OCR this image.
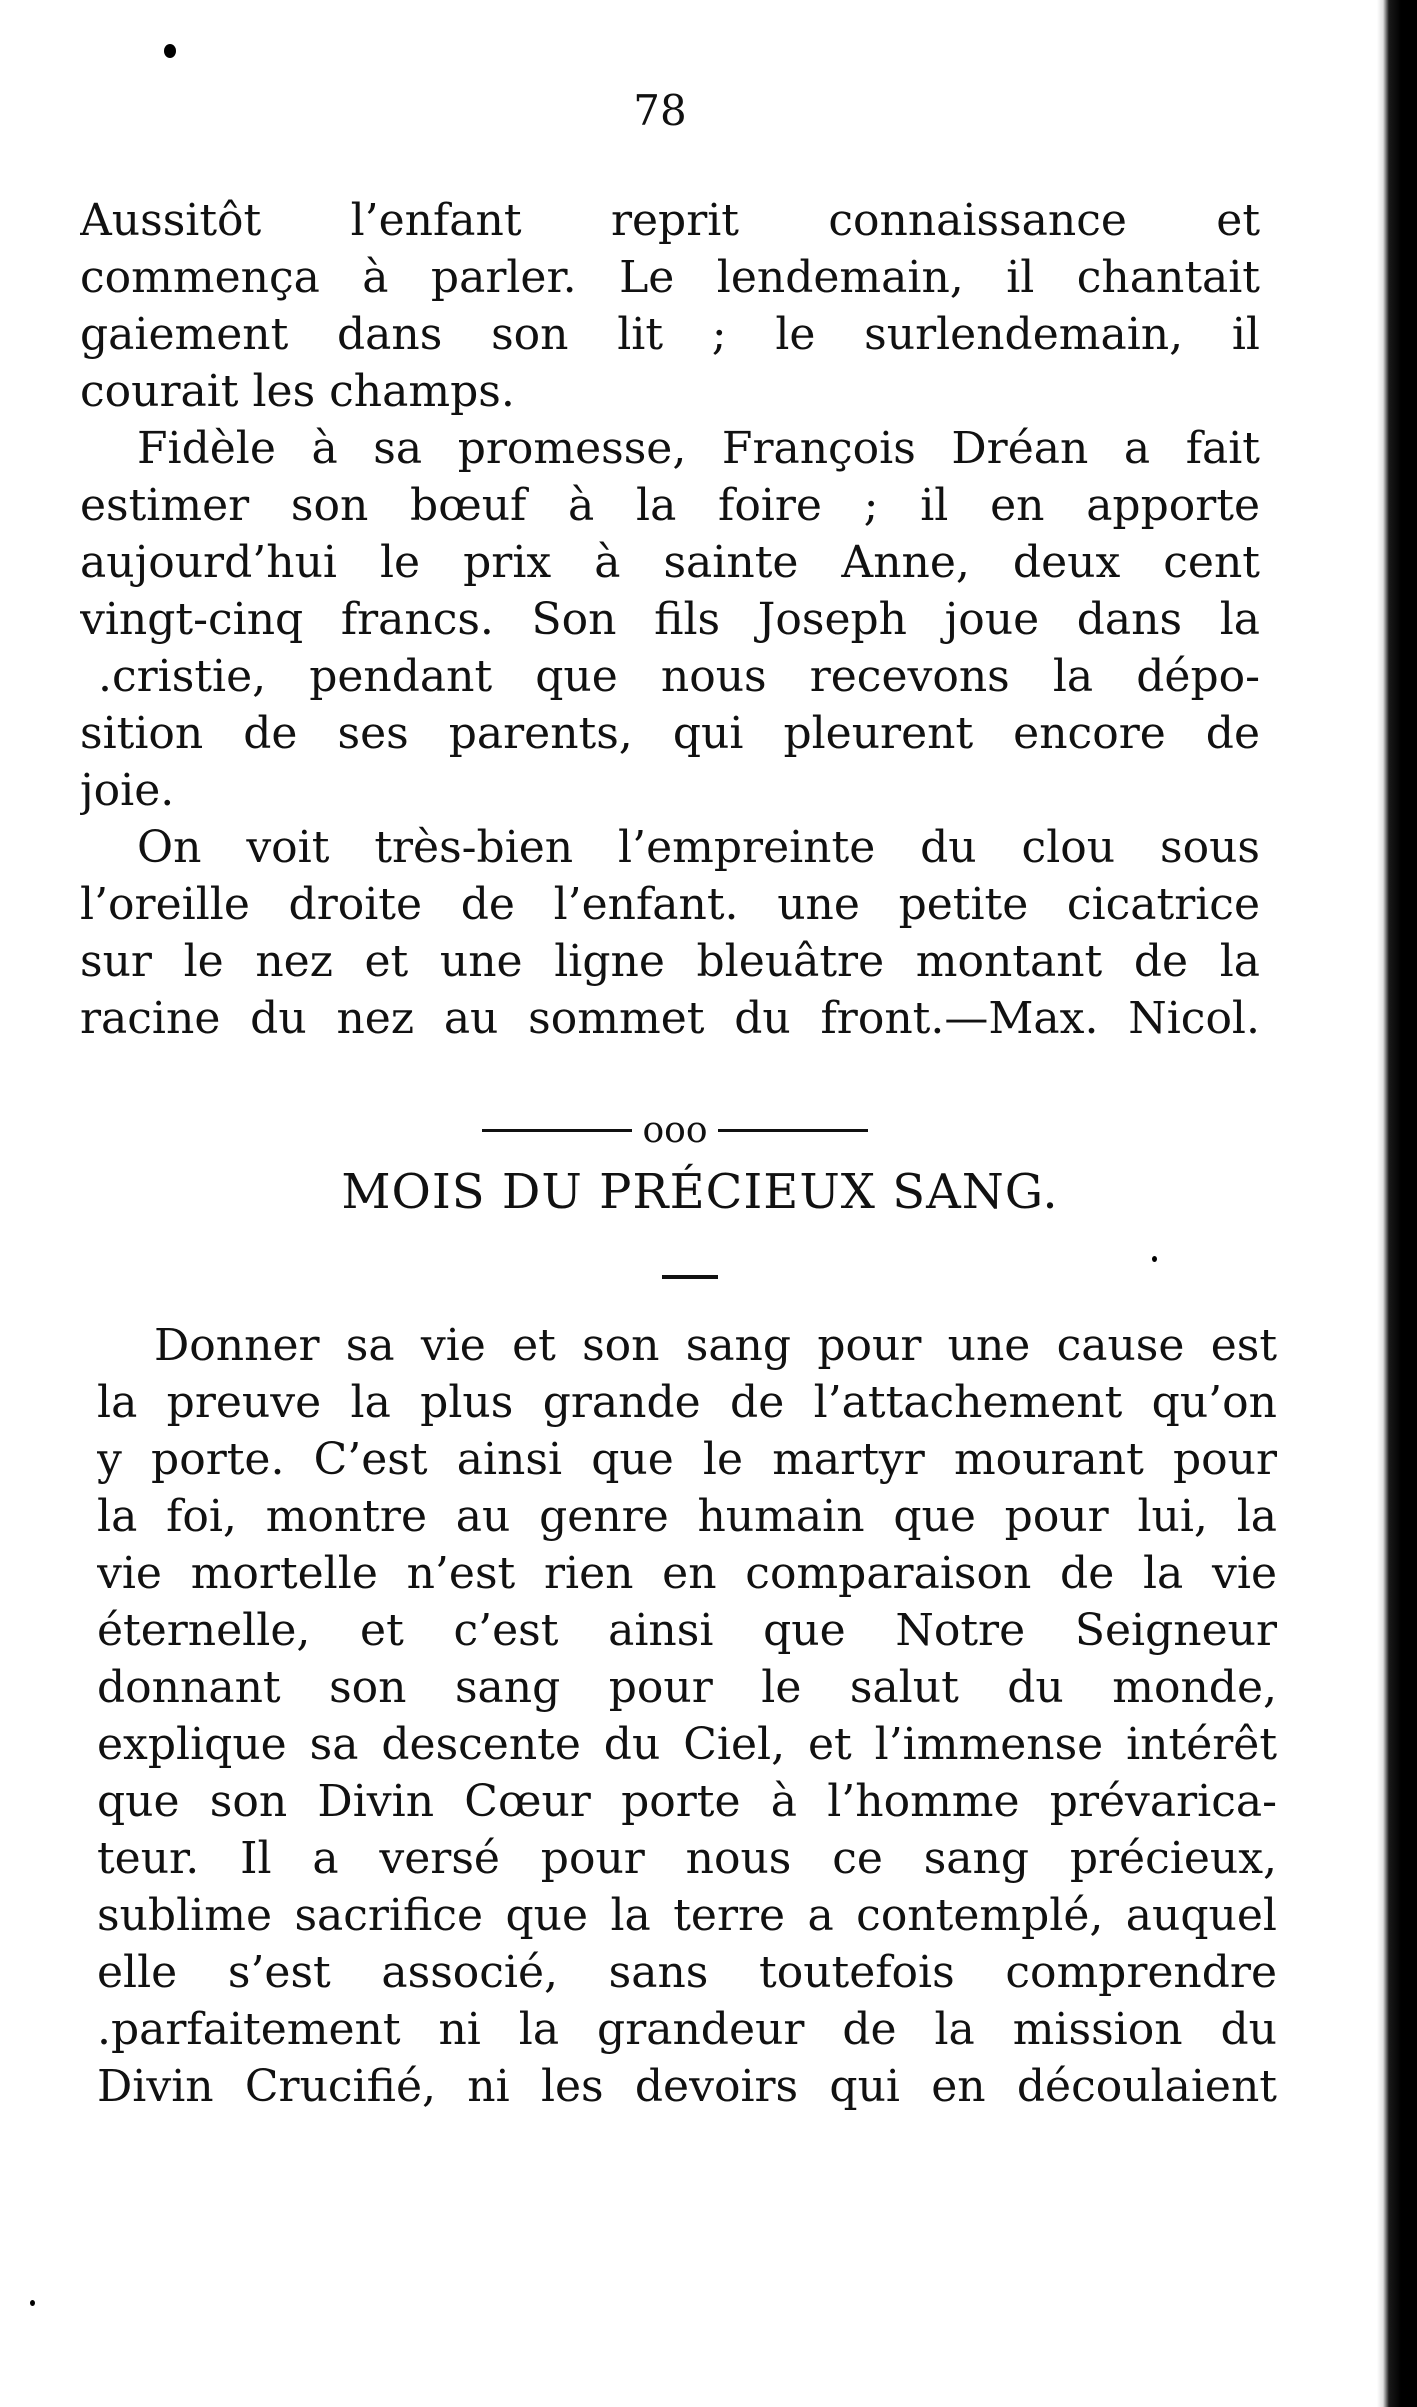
78
Aussitôt l’enfant reprit connaissance et
commença à parler. Le lendemain, il chantait
gaiement dans son lit ; le surlendemain, il
courait les champs.
Fidèle à sa promesse, François Dréan a fait
estimer son bœuf à la foire ; il en apporte
aujourd’hui le prix à sainte Anne, deux cent
vingt-cinq francs. Son fils Joseph joue dans la
.cristie, pendant que nous recevons la dépo-
sition de ses parents, qui pleurent encore de
joie.
On voit très-bien l’empreinte du clou sous
l’oreille droite de l’enfant. une petite cicatrice
sur le nez et une ligne bleuâtre montant de la
racine du nez au sommet du front.—Max. Nicol.
ooo
MOIS DU PRÉCIEUX SANG.
Donner sa vie et son sang pour une cause est
la preuve la plus grande de l’attachement qu’on
y porte. C’est ainsi que le martyr mourant pour
la foi, montre au genre humain que pour lui, la
vie mortelle n’est rien en comparaison de la vie
éternelle, et c’est ainsi que Notre Seigneur
donnant son sang pour le salut du monde,
explique sa descente du Ciel, et l’immense intérêt
que son Divin Cœur porte à l’homme prévarica-
teur. Il a versé pour nous ce sang précieux,
sublime sacrifice que la terre a contemplé, auquel
elle s’est associé, sans toutefois comprendre
.parfaitement ni la grandeur de la mission du
Divin Crucifié, ni les devoirs qui en découlaient
